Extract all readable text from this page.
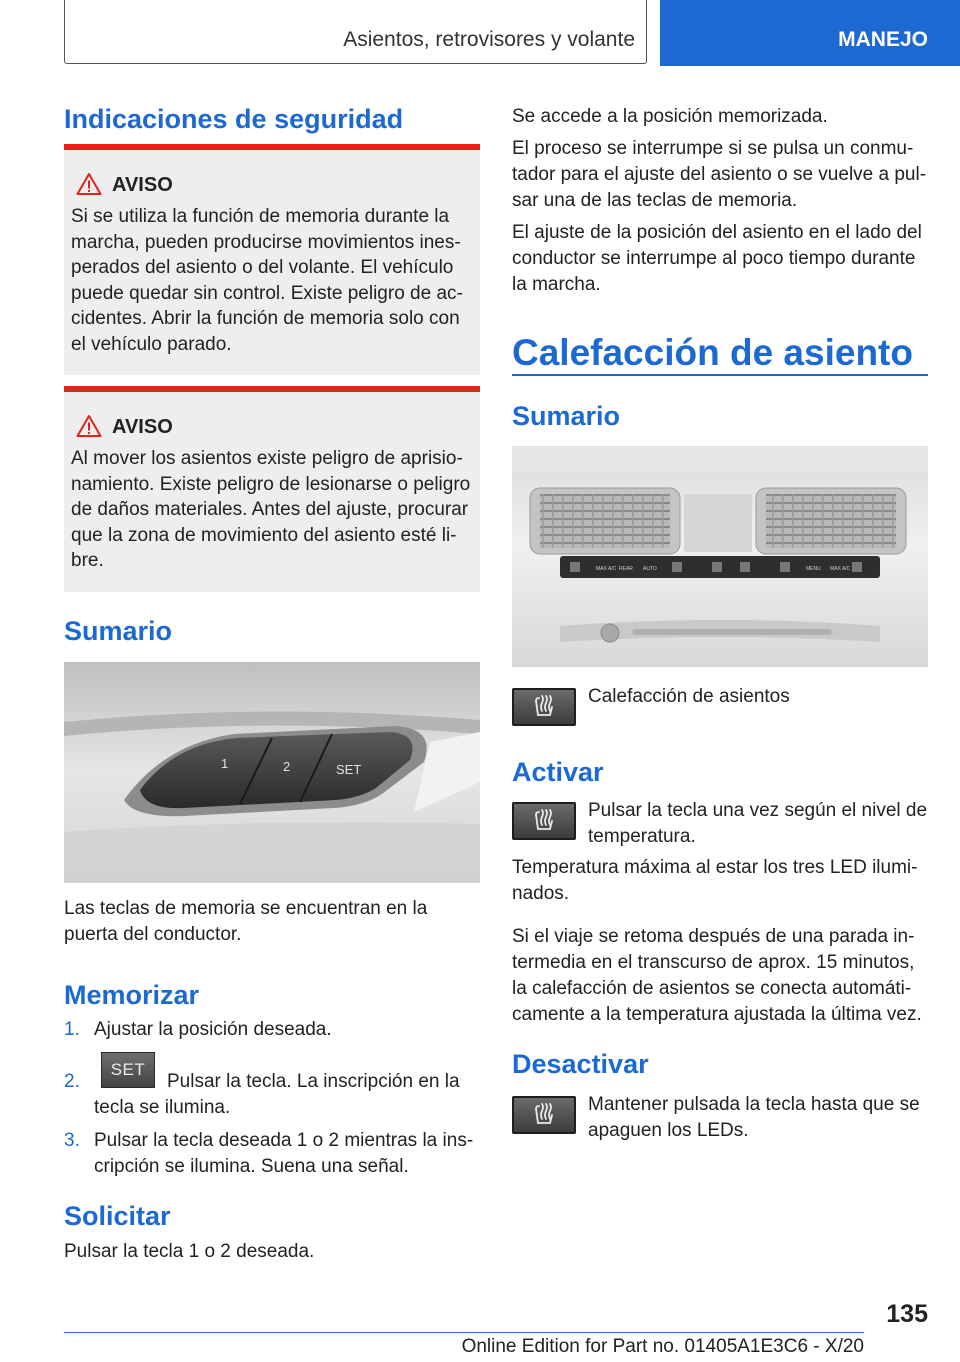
Asientos, retrovisores y volante	MANEJO
Indicaciones de seguridad
AVISO
Si se utiliza la función de memoria durante la
marcha, pueden producirse movimientos ines-
perados del asiento o del volante. El vehículo
puede quedar sin control. Existe peligro de ac-
cidentes. Abrir la función de memoria solo con
el vehículo parado.
AVISO
Al mover los asientos existe peligro de aprisio-
namiento. Existe peligro de lesionarse o peligro
de daños materiales. Antes del ajuste, procurar
que la zona de movimiento del asiento esté li-
bre.
Sumario
1	2	SET

Las teclas de memoria se encuentran en la

puerta del conductor.

Memorizar
1. Ajustar la posición deseada.
2.
SET
Pulsar la tecla. La inscripción en la
tecla se ilumina.
3. Pulsar la tecla deseada 1 o 2 mientras la ins-
cripción se ilumina. Suena una señal.
Solicitar
Pulsar la tecla 1 o 2 deseada.

Se accede a la posición memorizada.

El proceso se interrumpe si se pulsa un conmu-

tador para el ajuste del asiento o se vuelve a pul-

sar una de las teclas de memoria.

El ajuste de la posición del asiento en el lado del

conductor se interrumpe al poco tiempo durante

la marcha.

Calefacción de asiento
Sumario
MAX A/C REAR AUTO	MENU MAX A/C
Calefacción de asientos
Activar

Pulsar la tecla una vez según el nivel de

temperatura.

Temperatura máxima al estar los tres LED ilumi-

nados.

Si el viaje se retoma después de una parada in-

termedia en el transcurso de aprox. 15 minutos,

la calefacción de asientos se conecta automáti-

camente a la temperatura ajustada la última vez.

Desactivar

Mantener pulsada la tecla hasta que se

apaguen los LEDs.

135
Online Edition for Part no. 01405A1E3C6 - X/20
